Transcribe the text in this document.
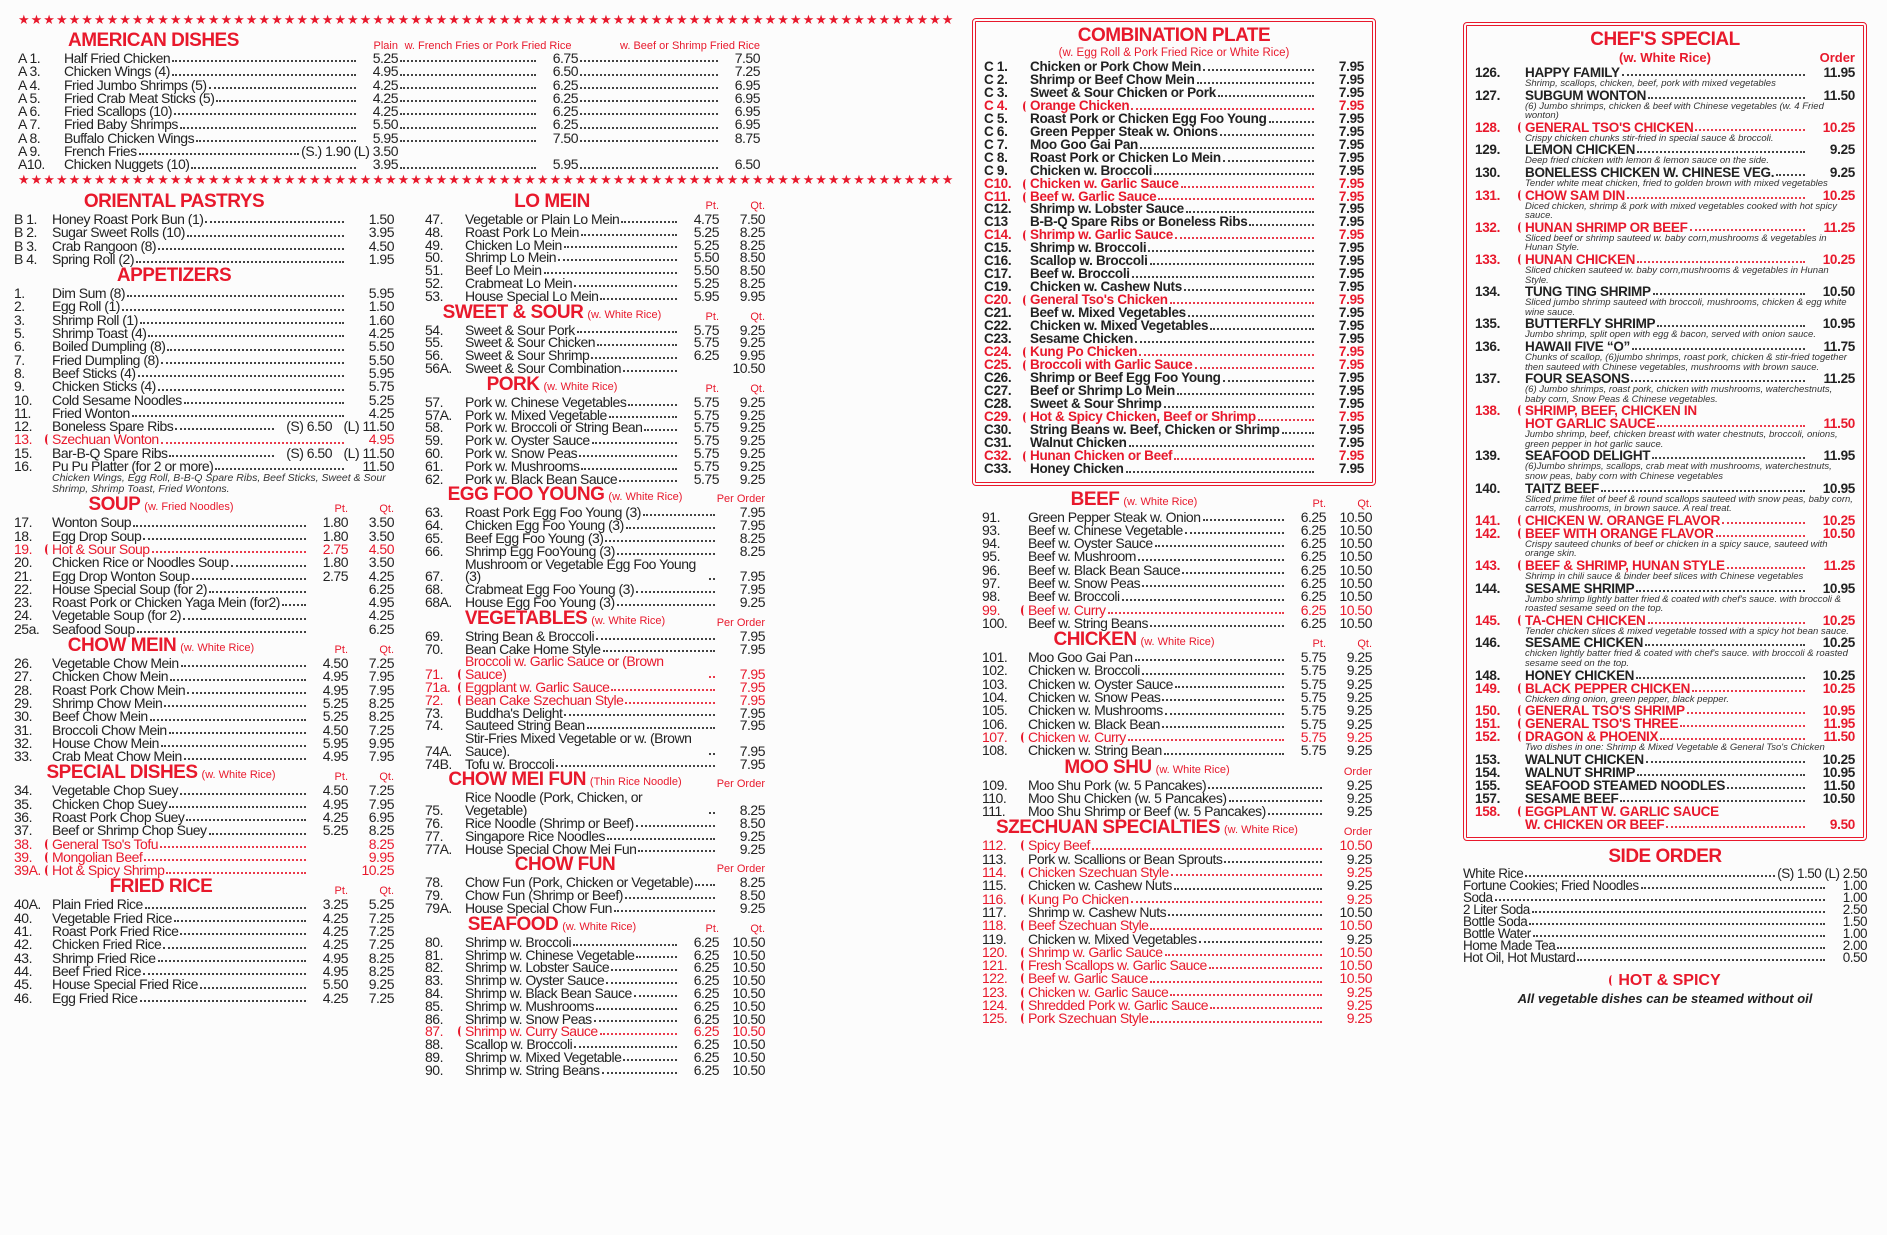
★★★★★★★★★★★★★★★★★★★★★★★★★★★★★★★★★★★★★★★★★★★★★★★★★★★★★★★★★★★★★★★★★★★★★★★★★★
AMERICAN DISHES	Plain w. French Fries or Pork Fried Rice	w. Beef or Shrimp Fried Rice
A 1.	Half Fried Chicken	5.25	6.75	7.50
A 3.	Chicken Wings (4)	4.95	6.50	7.25
A 4.	Fried Jumbo Shrimps (5)	4.25	6.25	6.95
A 5.	Fried Crab Meat Sticks (5)	4.25	6.25	6.95
A 6.	Fried Scallops (10)	4.25	6.25	6.95
A 7.	Fried Baby Shrimps	5.50	6.25	6.95
A 8.	Buffalo Chicken Wings	5.95	7.50	8.75
A 9.	French Fries	(S.) 1.90 (L) 3.50
A10.	Chicken Nuggets (10)	3.95	5.95	6.50
★★★★★★★★★★★★★★★★★★★★★★★★★★★★★★★★★★★★★★★★★★★★★★★★★★★★★★★★★★★★★★★★★★★★★★★★★★
ORIENTAL PASTRYS
B 1.	Honey Roast Pork Bun (1)	1.50
B 2.	Sugar Sweet Rolls (10)	3.95
B 3.	Crab Rangoon (8)	4.50
B 4.	Spring Roll (2)	1.95
APPETIZERS
1.	Dim Sum (8)	5.95
2.	Egg Roll (1)	1.50
3.	Shrimp Roll (1)	1.60
5.	Shrimp Toast (4)	4.25
6.	Boiled Dumpling (8)	5.50
7.	Fried Dumpling (8)	5.50
8.	Beef Sticks (4)	5.95
9.	Chicken Sticks (4)	5.75
10.	Cold Sesame Noodles	5.25
11.	Fried Wonton	4.25
12.	Boneless Spare Ribs	(S) 6.50 (L) 11.50
13.	Szechuan Wonton	4.95
15.	Bar-B-Q Spare Ribs	(S) 6.50 (L) 11.50
16.	Pu Pu Platter (for 2 or more)	11.50
Chicken Wings, Egg Roll, B-B-Q Spare Ribs, Beef Sticks, Sweet & Sour Shrimp, Shrimp Toast, Fried Wontons.
SOUP (w. Fried Noodles)	Pt.	Qt.
17.	Wonton Soup	1.80	3.50
18.	Egg Drop Soup	1.80	3.50
19.	Hot & Sour Soup	2.75	4.50
20.	Chicken Rice or Noodles Soup	1.80	3.50
21.	Egg Drop Wonton Soup	2.75	4.25
22.	House Special Soup (for 2)	6.25
23.	Roast Pork or Chicken Yaga Mein (for2)	4.95
24.	Vegetable Soup (for 2)	4.25
25a. Seafood Soup	6.25
CHOW MEIN (w. White Rice)	Pt.	Qt.
26.	Vegetable Chow Mein	4.50	7.25
27.	Chicken Chow Mein	4.95	7.95
28.	Roast Pork Chow Mein	4.95	7.95
29.	Shrimp Chow Mein	5.25	8.25
30.	Beef Chow Mein	5.25	8.25
31.	Broccoli Chow Mein	4.50	7.25
32.	House Chow Mein	5.95	9.95
33.	Crab Meat Chow Mein	4.95	7.95
SPECIAL DISHES (w. White Rice)	Pt.	Qt.
34.	Vegetable Chop Suey	4.50	7.25
35.	Chicken Chop Suey	4.95	7.95
36.	Roast Pork Chop Suey	4.25	6.95
37.	Beef or Shrimp Chop Suey	5.25	8.25
38.	General Tso's Tofu	8.25
39.	Mongolian Beef	9.95
39A. Hot & Spicy Shrimp	10.25
FRIED RICE	Pt.	Qt.
40A. Plain Fried Rice	3.25	5.25
40.	Vegetable Fried Rice	4.25	7.25
41.	Roast Pork Fried Rice	4.25	7.25
42.	Chicken Fried Rice	4.25	7.25
43.	Shrimp Fried Rice	4.95	8.25
44.	Beef Fried Rice	4.95	8.25
45.	House Special Fried Rice	5.50	9.25
46.	Egg Fried Rice	4.25	7.25
LO MEIN	Pt.	Qt.
47.	Vegetable or Plain Lo Mein	4.75	7.50
48.	Roast Pork Lo Mein	5.25	8.25
49.	Chicken Lo Mein	5.25	8.25
50.	Shrimp Lo Mein	5.50	8.50
51.	Beef Lo Mein	5.50	8.50
52.	Crabmeat Lo Mein	5.25	8.25
53.	House Special Lo Mein	5.95	9.95
SWEET & SOUR (w. White Rice)	Pt.	Qt.
54.	Sweet & Sour Pork	5.75	9.25
55.	Sweet & Sour Chicken	5.75	9.25
56.	Sweet & Sour Shrimp	6.25	9.95
56A. Sweet & Sour Combination	10.50
PORK (w. White Rice)	Pt.	Qt.
57.	Pork w. Chinese Vegetables	5.75	9.25
57A. Pork w. Mixed Vegetable	5.75	9.25
58.	Pork w. Broccoli or String Bean	5.75	9.25
59.	Pork w. Oyster Sauce	5.75	9.25
60.	Pork w. Snow Peas	5.75	9.25
61.	Pork w. Mushrooms	5.75	9.25
62.	Pork w. Black Bean Sauce	5.75	9.25
EGG FOO YOUNG (w. White Rice)	Per Order
63.	Roast Pork Egg Foo Young (3)	7.95
64.	Chicken Egg Foo Young (3)	7.95
65.	Beef Egg Foo Young (3)	8.25
66.	Shrimp Egg FooYoung (3)	8.25
67.
Mushroom or Vegetable Egg Foo Young (3)	7.95
68.	Crabmeat Egg Foo Young (3)	7.95
68A. House Egg Foo Young (3)	9.25
VEGETABLES (w. White Rice)	Per Order
69.	String Bean & Broccoli	7.95
70.	Bean Cake Home Style	7.95
71.
Broccoli w. Garlic Sauce or (Brown Sauce)	7.95
71a.	Eggplant w. Garlic Sauce	7.95
72.	Bean Cake Szechuan Style	7.95
73.	Buddha's Delight	7.95
74.	Sauteed String Bean	7.95
74A.
Stir-Fries Mixed Vegetable or w. (Brown Sauce).	7.95
74B. Tofu w. Broccoli	7.95
CHOW MEI FUN (Thin Rice Noodle)	Per Order
75.
Rice Noodle (Pork, Chicken, or Vegetable)	8.25
76.	Rice Noodle (Shrimp or Beef)	8.50
77.	Singapore Rice Noodles	9.25
77A. House Special Chow Mei Fun	9.25
CHOW FUN	Per Order
78.	Chow Fun (Pork, Chicken or Vegetable)	8.25
79.	Chow Fun (Shrimp or Beef)	8.50
79A. House Special Chow Fun	9.25
SEAFOOD (w. White Rice)	Pt.	Qt.
80.	Shrimp w. Broccoli	6.25 10.50
81.	Shrimp w. Chinese Vegetable	6.25 10.50
82.	Shrimp w. Lobster Sauce	6.25 10.50
83.	Shrimp w. Oyster Sauce	6.25 10.50
84.	Shrimp w. Black Bean Sauce	6.25 10.50
85.	Shrimp w. Mushrooms	6.25 10.50
86.	Shrimp w. Snow Peas	6.25 10.50
87.	Shrimp w. Curry Sauce	6.25 10.50
88.	Scallop w. Broccoli	6.25 10.50
89.	Shrimp w. Mixed Vegetable	6.25 10.50
90.	Shrimp w. String Beans	6.25 10.50
COMBINATION PLATE
(w. Egg Roll & Pork Fried Rice or White Rice)
C 1.	Chicken or Pork Chow Mein	7.95
C 2.	Shrimp or Beef Chow Mein	7.95
C 3.	Sweet & Sour Chicken or Pork	7.95
C 4.	Orange Chicken	7.95
C 5.	Roast Pork or Chicken Egg Foo Young	7.95
C 6.	Green Pepper Steak w. Onions	7.95
C 7.	Moo Goo Gai Pan	7.95
C 8.	Roast Pork or Chicken Lo Mein	7.95
C 9.	Chicken w. Broccoli	7.95
C10.	Chicken w. Garlic Sauce	7.95
C11.	Beef w. Garlic Sauce	7.95
C12.	Shrimp w. Lobster Sauce	7.95
C13	B-B-Q Spare Ribs or Boneless Ribs	7.95
C14.	Shrimp w. Garlic Sauce	7.95
C15.	Shrimp w. Broccoli	7.95
C16.	Scallop w. Broccoli	7.95
C17.	Beef w. Broccoli	7.95
C19.	Chicken w. Cashew Nuts	7.95
C20.	General Tso's Chicken	7.95
C21.	Beef w. Mixed Vegetables	7.95
C22.	Chicken w. Mixed Vegetables	7.95
C23.	Sesame Chicken	7.95
C24.	Kung Po Chicken	7.95
C25.	Broccoli with Garlic Sauce	7.95
C26.	Shrimp or Beef Egg Foo Young	7.95
C27.	Beef or Shrimp Lo Mein	7.95
C28.	Sweet & Sour Shrimp	7.95
C29.	Hot & Spicy Chicken, Beef or Shrimp	7.95
C30.	String Beans w. Beef, Chicken or Shrimp	7.95
C31.	Walnut Chicken	7.95
C32.	Hunan Chicken or Beef	7.95
C33.	Honey Chicken	7.95
BEEF (w. White Rice)	Pt.	Qt.
91.	Green Pepper Steak w. Onion	6.25 10.50
93.	Beef w. Chinese Vegetable	6.25 10.50
94.	Beef w. Oyster Sauce	6.25 10.50
95.	Beef w. Mushroom	6.25 10.50
96.	Beef w. Black Bean Sauce	6.25 10.50
97.	Beef w. Snow Peas	6.25 10.50
98.	Beef w. Broccoli	6.25 10.50
99.	Beef w. Curry	6.25 10.50
100.	Beef w. String Beans	6.25 10.50
CHICKEN (w. White Rice)	Pt.	Qt.
101.	Moo Goo Gai Pan	5.75	9.25
102.	Chicken w. Broccoli	5.75	9.25
103.	Chicken w. Oyster Sauce	5.75	9.25
104.	Chicken w. Snow Peas	5.75	9.25
105.	Chicken w. Mushrooms	5.75	9.25
106.	Chicken w. Black Bean	5.75	9.25
107.	Chicken w. Curry	5.75	9.25
108.	Chicken w. String Bean	5.75	9.25
MOO SHU (w. White Rice)	Order
109.	Moo Shu Pork (w. 5 Pancakes)	9.25
110.	Moo Shu Chicken (w. 5 Pancakes)	9.25
111.	Moo Shu Shrimp or Beef (w. 5 Pancakes)	9.25
SZECHUAN SPECIALTIES (w. White Rice)	Order
112.	Spicy Beef	10.50
113.	Pork w. Scallions or Bean Sprouts	9.25
114.	Chicken Szechuan Style	9.25
115.	Chicken w. Cashew Nuts	9.25
116.	Kung Po Chicken	9.25
117.	Shrimp w. Cashew Nuts	10.50
118.	Beef Szechuan Style	10.50
119.	Chicken w. Mixed Vegetables	9.25
120.	Shrimp w. Garlic Sauce	10.50
121.	Fresh Scallops w. Garlic Sauce	10.50
122.	Beef w. Garlic Sauce	10.50
123.	Chicken w. Garlic Sauce	9.25
124.	Shredded Pork w. Garlic Sauce	9.25
125.	Pork Szechuan Style	9.25
CHEF'S SPECIAL
(w. White Rice)	Order
126.	HAPPY FAMILY	11.95
Shrimp, scallops, chicken, beef, pork with mixed vegetables
127.	SUBGUM WONTON	11.50
(6) Jumbo shrimps, chicken & beef with Chinese vegetables (w. 4 Fried wonton)
128.	GENERAL TSO'S CHICKEN	10.25
Crispy chicken chunks stir-fried in special sauce & broccoli.
129.	LEMON CHICKEN	9.25
Deep fried chicken with lemon & lemon sauce on the side.
130.	BONELESS CHICKEN W. CHINESE VEG.	9.25
Tender white meat chicken, fried to golden brown with mixed vegetables
131.	CHOW SAM DIN	10.25
Diced chicken, shrimp & pork with mixed vegetables cooked with hot spicy sauce.
132.	HUNAN SHRIMP OR BEEF	11.25
Sliced beef or shrimp sauteed w. baby corn,mushrooms & vegetables in Hunan Style.
133.	HUNAN CHICKEN	10.25
Sliced chicken sauteed w. baby corn,mushrooms & vegetables in Hunan Style.
134.	TUNG TING SHRIMP	10.50
Sliced jumbo shrimp sauteed with broccoli, mushrooms, chicken & egg white wine sauce.
135.	BUTTERFLY SHRIMP	10.95
Jumbo shrimp, split open with egg & bacon, served with onion sauce.
136.	HAWAII FIVE “O”	11.75
Chunks of scallop, (6)jumbo shrimps, roast pork, chicken & stir-fried together then sauteed with Chinese vegetables, mushrooms with brown sauce.
137.	FOUR SEASONS	11.25
(6) Jumbo shrimps, roast pork, chicken with mushrooms, waterchestnuts, baby corn, Snow Peas & Chinese vegetables.
138.	SHRIMP, BEEF, CHICKEN IN
HOT GARLIC SAUCE	11.50
Jumbo shrimp, beef, chicken breast with water chestnuts, broccoli, onions, green pepper in hot garlic sauce.
139.	SEAFOOD DELIGHT	11.95
(6)Jumbo shrimps, scallops, crab meat with mushrooms, waterchestnuts, snow peas, baby corn with Chinese vegetables
140.	TAITZ BEEF	10.95
Sliced prime filet of beef & round scallops sauteed with snow peas, baby corn, carrots, mushrooms, in brown sauce. A real treat.
141.	CHICKEN W. ORANGE FLAVOR	10.25
142.	BEEF WITH ORANGE FLAVOR	10.50
Crispy sauteed chunks of beef or chicken in a spicy sauce, sauteed with orange skin.
143.	BEEF & SHRIMP, HUNAN STYLE	11.25
Shrimp in chili sauce & binder beef slices with Chinese vegetables
144.	SESAME SHRIMP	10.95
Jumbo shrimp lightly batter fried & coated with chef's sauce. with broccoli & roasted sesame seed on the top.
145.	TA-CHEN CHICKEN	10.25
Tender chicken slices & mixed vegetable tossed with a spicy hot bean sauce.
146.	SESAME CHICKEN	10.25
chicken lightly batter fried & coated with chef's sauce. with broccoli & roasted sesame seed on the top.
148.	HONEY CHICKEN	10.25
149.	BLACK PEPPER CHICKEN	10.25
Chicken ding onion, green pepper, black pepper.
150.	GENERAL TSO'S SHRIMP	10.95
151.	GENERAL TSO'S THREE	11.95
152.	DRAGON & PHOENIX	11.50
Two dishes in one: Shrimp & Mixed Vegetable & General Tso's Chicken
153.	WALNUT CHICKEN	10.25
154.	WALNUT SHRIMP	10.95
155.	SEAFOOD STEAMED NOODLES	11.50
157.	SESAME BEEF	10.50
158.	EGGPLANT W. GARLIC SAUCE
W. CHICKEN OR BEEF	9.50
SIDE ORDER
White Rice	(S) 1.50 (L) 2.50
Fortune Cookies; Fried Noodles	1.00
Soda	1.00
2 Liter Soda	2.50
Bottle Soda	1.50
Bottle Water	1.00
Home Made Tea	2.00
Hot Oil, Hot Mustard	0.50
HOT & SPICY
All vegetable dishes can be steamed without oil
